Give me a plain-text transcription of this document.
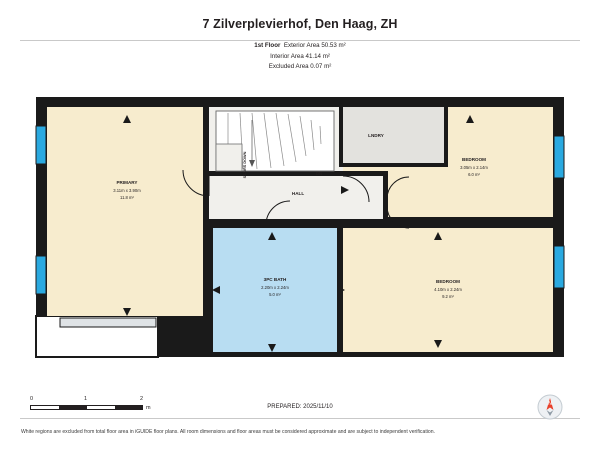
7 Zilverplevierhof, Den Haag, ZH
1st Floor Exterior Area 50.53 m²
Interior Area 41.14 m²
Excluded Area 0.07 m²
PRIMARY
3.11m x 3.90m
11.8 m²
BEDROOM
3.05m x 2.14m
6.0 m²
BEDROOM
4.10m x 2.24m
9.2 m²
3PC BATH
2.20m x 2.24m
5.0 m²
HALL
LNDRY
STAIRS DOWN	DN
PREPARED: 2025/11/10
White regions are excluded from total floor area in iGUIDE floor plans. All room dimensions and floor areas must be considered approximate and are subject to independent verification.
0	1	2
m
N
